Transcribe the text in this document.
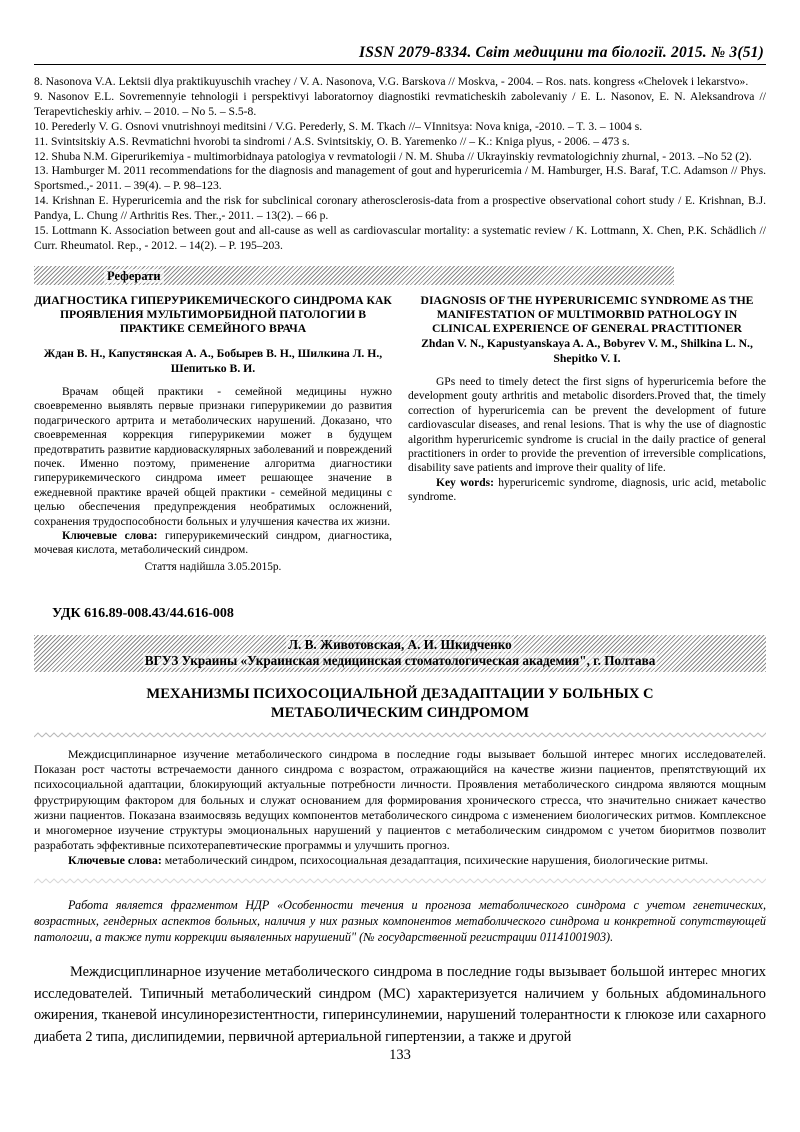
ISSN 2079-8334. Світ медицини та біології. 2015. № 3(51)

8. Nasonova V.A. Lektsii dlya praktikuyuschih vrachey / V. A. Nasonova, V.G. Barskova // Moskva, - 2004. – Ros. nats. kongress «Chelovek i lekarstvo».

9. Nasonov E.L. Sovremennyie tehnologii i perspektivyi laboratornoy diagnostiki revmaticheskih zabolevaniy / E. L. Nasonov, E. N. Aleksandrova // Terapevticheskiy arhiv. – 2010. – No 5. – S.5-8.

10. Perederly V. G. Osnovi vnutrishnoyi meditsini / V.G. Perederly, S. M. Tkach //– VInnitsya: Nova kniga, -2010. – T. 3. – 1004 s.

11. Svintsitskiy A.S. Revmatichni hvorobi ta sindromi / A.S. Svintsitskiy, O. B. Yaremenko // – K.: Kniga plyus, - 2006. – 473 s.

12. Shuba N.M. Giperurikemiya - multimorbidnaya patologiya v revmatologii / N. M. Shuba // Ukrayinskiy revmatologichniy zhurnal, - 2013. –No 52 (2).

13. Hamburger M. 2011 recommendations for the diagnosis and management of gout and hyperuricemia / M. Hamburger, H.S. Baraf, T.C. Adamson // Phys. Sportsmed.,- 2011. – 39(4). – P. 98–123.

14. Krishnan E. Hyperuricemia and the risk for subclinical coronary atherosclerosis-data from a prospective observational cohort study / E. Krishnan, B.J. Pandya, L. Chung // Arthritis Res. Ther.,- 2011. – 13(2). – 66 p.

15. Lottmann K. Association between gout and all-cause as well as cardiovascular mortality: a systematic review / K. Lottmann, X. Chen, P.K. Schädlich // Curr. Rheumatol. Rep., - 2012. – 14(2). – P. 195–203.

Реферати

ДИАГНОСТИКА ГИПЕРУРИКЕМИЧЕСКОГО СИНДРОМА КАК ПРОЯВЛЕНИЯ МУЛЬТИМОРБИДНОЙ ПАТОЛОГИИ В ПРАКТИКЕ СЕМЕЙНОГО ВРАЧА

Ждан В. Н., Капустянская А. А., Бобырев В. Н., Шилкина Л. Н., Шепитько В. И.

Врачам общей практики - семейной медицины нужно своевременно выявлять первые признаки гиперурикемии до развития подагрического артрита и метаболических нарушений. Доказано, что своевременная коррекция гиперурикемии может в будущем предотвратить развитие кардиоваскулярных заболеваний и повреждений почек. Именно поэтому, применение алгоритма диагностики гиперурикемического синдрома имеет решающее значение в ежедневной практике врачей общей практики - семейной медицины с целью обеспечения предупреждения необратимых осложнений, сохранения трудоспособности больных и улучшения качества их жизни.

Ключевые слова: гиперурикемический синдром, диагностика, мочевая кислота, метаболический синдром.

Стаття надійшла 3.05.2015р.

DIAGNOSIS OF THE HYPERURICEMIC SYNDROME AS THE MANIFESTATION OF MULTIMORBID PATHOLOGY IN CLINICAL EXPERIENCE OF GENERAL PRACTITIONER

Zhdan V. N., Kapustyanskaya A. A., Bobyrev V. M., Shilkina L. N., Shepitko V. I.

GPs need to timely detect the first signs of hyperuricemia before the development gouty arthritis and metabolic disorders.Proved that, the timely correction of hyperuricemia can be prevent the development of future cardiovascular diseases, and renal lesions. That is why the use of diagnostic algorithm hyperuricemic syndrome is crucial in the daily practice of general practitioners in order to provide the prevention of irreversible complications, disability save patients and improve their quality of life.

Key words: hyperuricemic syndrome, diagnosis, uric acid, metabolic syndrome.

УДК 616.89-008.43/44.616-008
Л. В. Животовская, А. И. Шкидченко
ВГУЗ Украины «Украинская медицинская стоматологическая академия", г. Полтава
МЕХАНИЗМЫ ПСИХОСОЦИАЛЬНОЙ ДЕЗАДАПТАЦИИ У БОЛЬНЫХ С МЕТАБОЛИЧЕСКИМ СИНДРОМОМ

Междисциплинарное изучение метаболического синдрома в последние годы вызывает большой интерес многих исследователей. Показан рост частоты встречаемости данного синдрома с возрастом, отражающийся на качестве жизни пациентов, препятствующий их психосоциальной адаптации, блокирующий актуальные потребности личности. Проявления метаболического синдрома являются мощным фрустрирующим фактором для больных и служат основанием для формирования хронического стресса, что значительно снижает качество жизни пациентов. Показана взаимосвязь ведущих компонентов метаболического синдрома с изменением биологических ритмов. Комплексное и многомерное изучение структуры эмоциональных нарушений у пациентов с метаболическим синдромом с учетом биоритмов позволит разработать эффективные психотерапевтические программы и улучшить прогноз.

Ключевые слова: метаболический синдром, психосоциальная дезадаптация, психические нарушения, биологические ритмы.

Работа является фрагментом НДР «Особенности течения и прогноза метаболического синдрома с учетом генетических, возрастных, гендерных аспектов больных, наличия у них разных компонентов метаболического синдрома и конкретной сопутствующей патологии, а также пути коррекции выявленных нарушений" (№ государственной регистрации 01141001903).

Междисциплинарное изучение метаболического синдрома в последние годы вызывает большой интерес многих исследователей. Типичный метаболический синдром (МС) характеризуется наличием у больных абдоминального ожирения, тканевой инсулинорезистентности, гиперинсулинемии, нарушений толерантности к глюкозе или сахарного диабета 2 типа, дислипидемии, первичной артериальной гипертензии, а также и другой

133
